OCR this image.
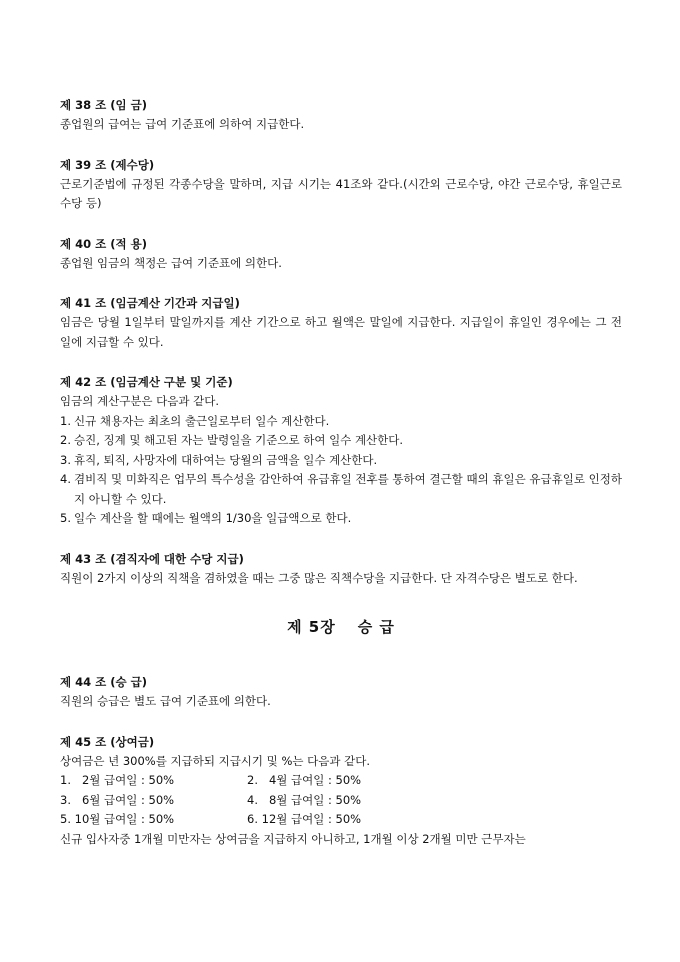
제 38 조 (임 금)
종업원의 급여는 급여 기준표에 의하여 지급한다.
제 39 조 (제수당)
근로기준법에 규정된 각종수당을 말하며, 지급 시기는 41조와 같다.(시간외 근로수당, 야간 근로수당, 휴일근로수당 등)
제 40 조 (적 용)
종업원 임금의 책정은 급여 기준표에 의한다.
제 41 조 (임금계산 기간과 지급일)
임금은 당월 1일부터 말일까지를 계산 기간으로 하고 월액은 말일에 지급한다. 지급일이 휴일인 경우에는 그 전일에 지급할 수 있다.
제 42 조 (임금계산 구분 및 기준)
임금의 계산구분은 다음과 같다.
1. 신규 채용자는 최초의 출근일로부터 일수 계산한다.
2. 승진, 징계 및 해고된 자는 발령일을 기준으로 하여 일수 계산한다.
3. 휴직, 퇴직, 사망자에 대하여는 당월의 금액을 일수 계산한다.
4. 겸비직 및 미화직은 업무의 특수성을 감안하여 유급휴일 전후를 통하여 결근할 때의 휴일은 유급휴일로 인정하지 아니할 수 있다.
5. 일수 계산을 할 때에는 월액의 1/30을 일급액으로 한다.
제 43 조 (겸직자에 대한 수당 지급)
직원이 2가지 이상의 직책을 겸하였을 때는 그중 많은 직책수당을 지급한다. 단 자격수당은 별도로 한다.
제 5장 승 급
제 44 조 (승 급)
직원의 승급은 별도 급여 기준표에 의한다.
제 45 조 (상여금)
상여금은 년 300%를 지급하되 지급시기 및 %는 다음과 같다.
1.   2월 급여일 : 50%	2.   4월 급여일 : 50%
3.   6월 급여일 : 50%	4.   8월 급여일 : 50%
5. 10월 급여일 : 50%	6. 12월 급여일 : 50%
신규 입사자중 1개월 미만자는 상여금을 지급하지 아니하고, 1개월 이상 2개월 미만 근무자는
